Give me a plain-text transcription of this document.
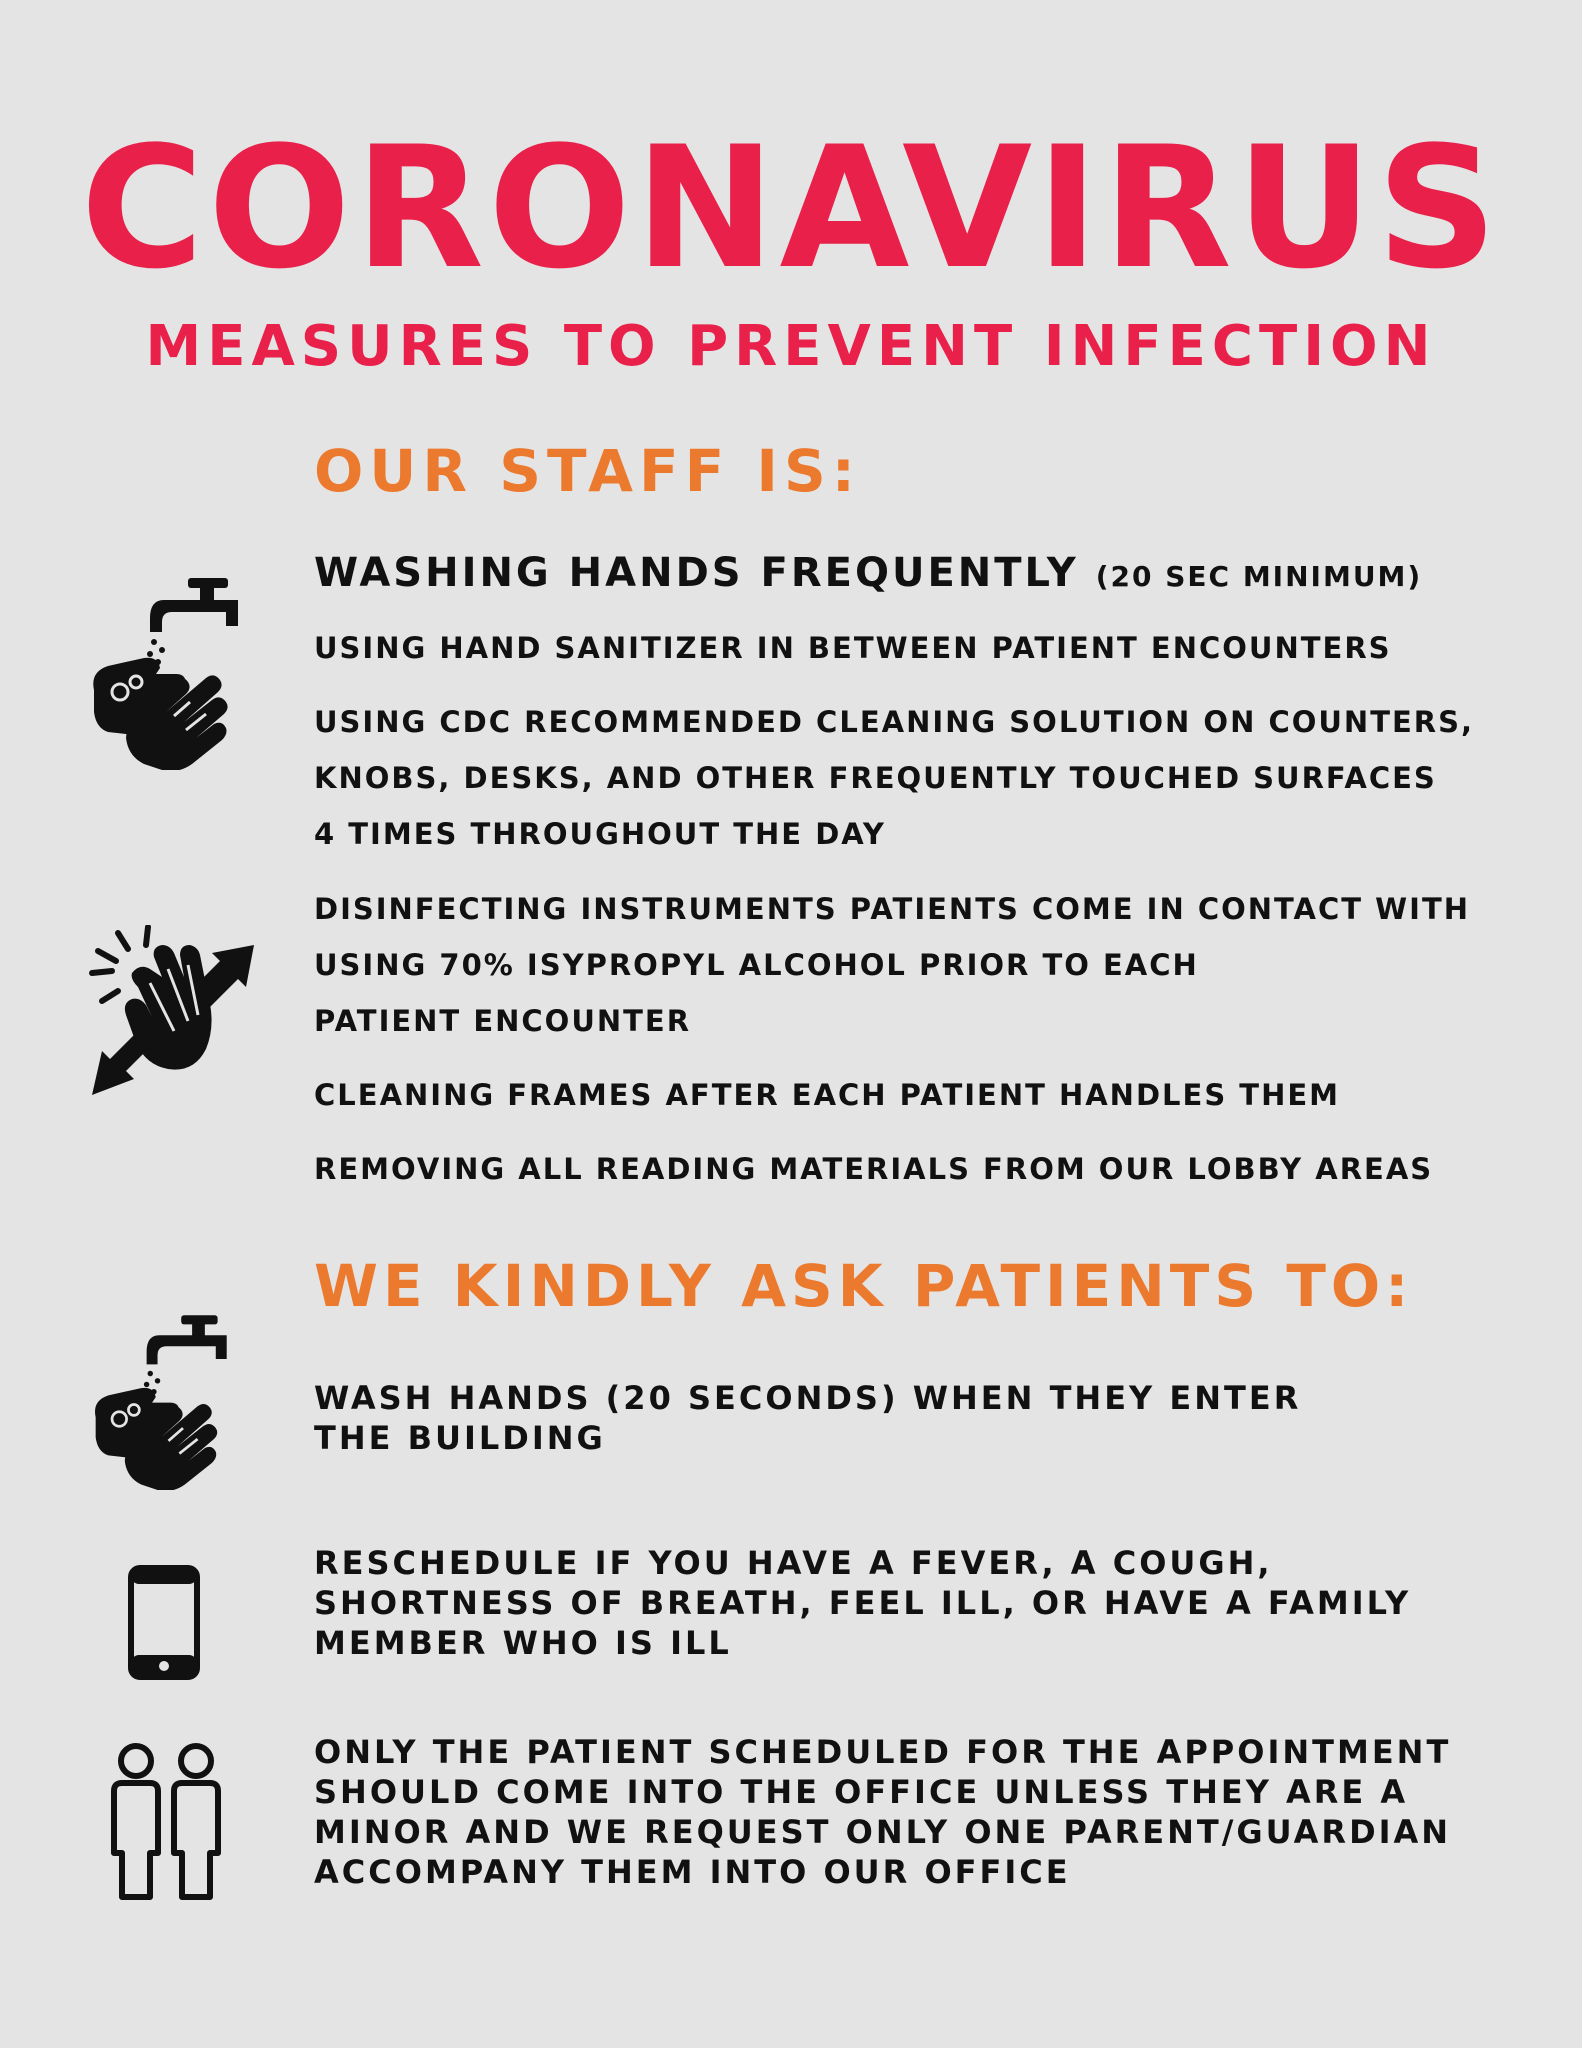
CORONAVIRUS
MEASURES TO PREVENT INFECTION
OUR STAFF IS:
WASHING HANDS FREQUENTLY (20 SEC MINIMUM)
USING HAND SANITIZER IN BETWEEN PATIENT ENCOUNTERS
USING CDC RECOMMENDED CLEANING SOLUTION ON COUNTERS,
KNOBS, DESKS, AND OTHER FREQUENTLY TOUCHED SURFACES
4 TIMES THROUGHOUT THE DAY
DISINFECTING INSTRUMENTS PATIENTS COME IN CONTACT WITH
USING 70% ISYPROPYL ALCOHOL PRIOR TO EACH
PATIENT ENCOUNTER
CLEANING FRAMES AFTER EACH PATIENT HANDLES THEM
REMOVING ALL READING MATERIALS FROM OUR LOBBY AREAS
WE KINDLY ASK PATIENTS TO:
WASH HANDS (20 SECONDS) WHEN THEY ENTER
THE BUILDING
RESCHEDULE IF YOU HAVE A FEVER, A COUGH,
SHORTNESS OF BREATH, FEEL ILL, OR HAVE A FAMILY
MEMBER WHO IS ILL
ONLY THE PATIENT SCHEDULED FOR THE APPOINTMENT
SHOULD COME INTO THE OFFICE UNLESS THEY ARE A
MINOR AND WE REQUEST ONLY ONE PARENT/GUARDIAN
ACCOMPANY THEM INTO OUR OFFICE
